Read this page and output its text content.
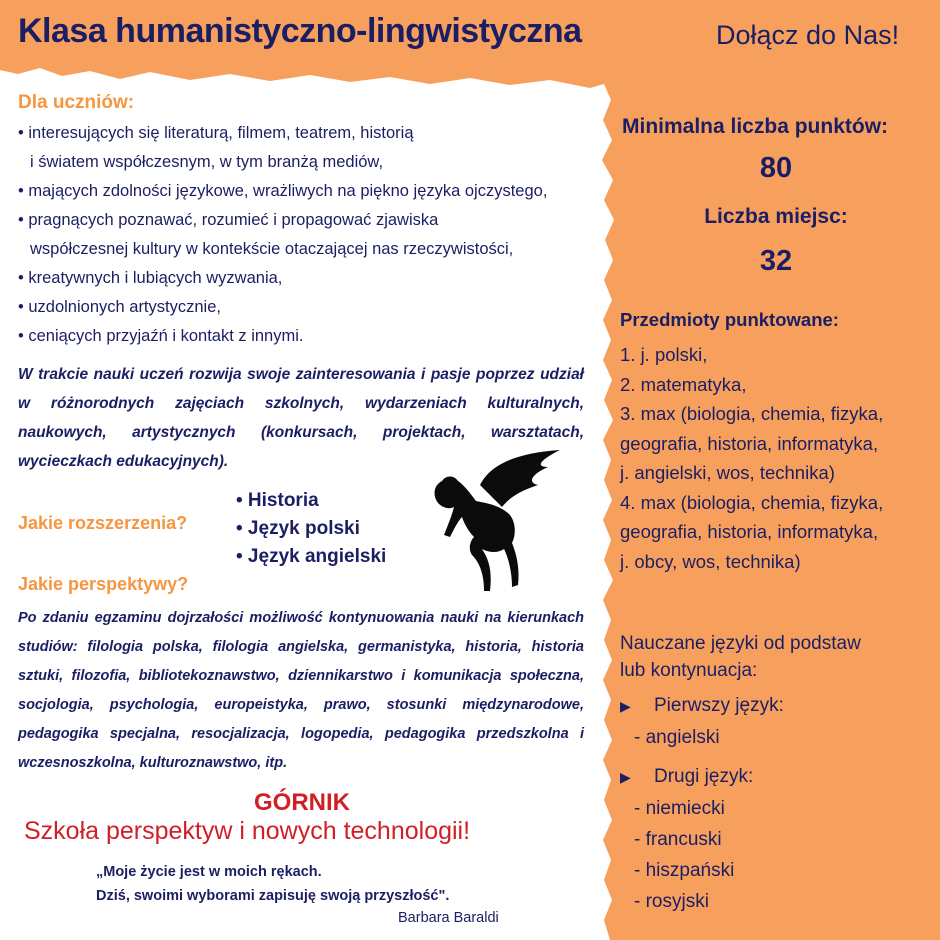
Klasa humanistyczno-lingwistyczna	Dołącz do Nas!
Dla uczniów:
• interesujących się literaturą, filmem, teatrem, historią
i światem współczesnym, w tym branżą mediów,
• mających zdolności językowe, wrażliwych na piękno języka ojczystego,
• pragnących poznawać, rozumieć i propagować zjawiska
współczesnej kultury w kontekście otaczającej nas rzeczywistości,
• kreatywnych i lubiących wyzwania,
• uzdolnionych artystycznie,
• ceniących przyjaźń i kontakt z innymi.
W trakcie nauki uczeń rozwija swoje zainteresowania i pasje poprzez udział w różnorodnych zajęciach szkolnych, wydarzeniach kulturalnych, naukowych, artystycznych (konkursach, projektach, warsztatach, wycieczkach edukacyjnych).
Jakie rozszerzenia?
• Historia
• Język polski
• Język angielski
Jakie perspektywy?
Po zdaniu egzaminu dojrzałości możliwość kontynuowania nauki na kierunkach studiów: filologia polska, filologia angielska, germanistyka, historia, historia sztuki, filozofia, bibliotekoznawstwo, dziennikarstwo i komunikacja społeczna, socjologia, psychologia, europeistyka, prawo, stosunki międzynarodowe, pedagogika specjalna, resocjalizacja, logopedia, pedagogika przedszkolna i wczesnoszkolna, kulturoznawstwo, itp.
GÓRNIK
Szkoła perspektyw i nowych technologii!
„Moje życie jest w moich rękach.
Dziś, swoimi wyborami zapisuję swoją przyszłość".
Barbara Baraldi
Minimalna liczba punktów:
80
Liczba miejsc:
32
Przedmioty punktowane:
1. j. polski,
2. matematyka,
3. max (biologia, chemia, fizyka,
geografia, historia, informatyka,
j. angielski, wos, technika)
4. max (biologia, chemia, fizyka,
geografia, historia, informatyka,
j. obcy, wos, technika)
Nauczane języki od podstaw
lub kontynuacja:
▶ Pierwszy język:
- angielski
▶ Drugi język:
- niemiecki
- francuski
- hiszpański
- rosyjski
